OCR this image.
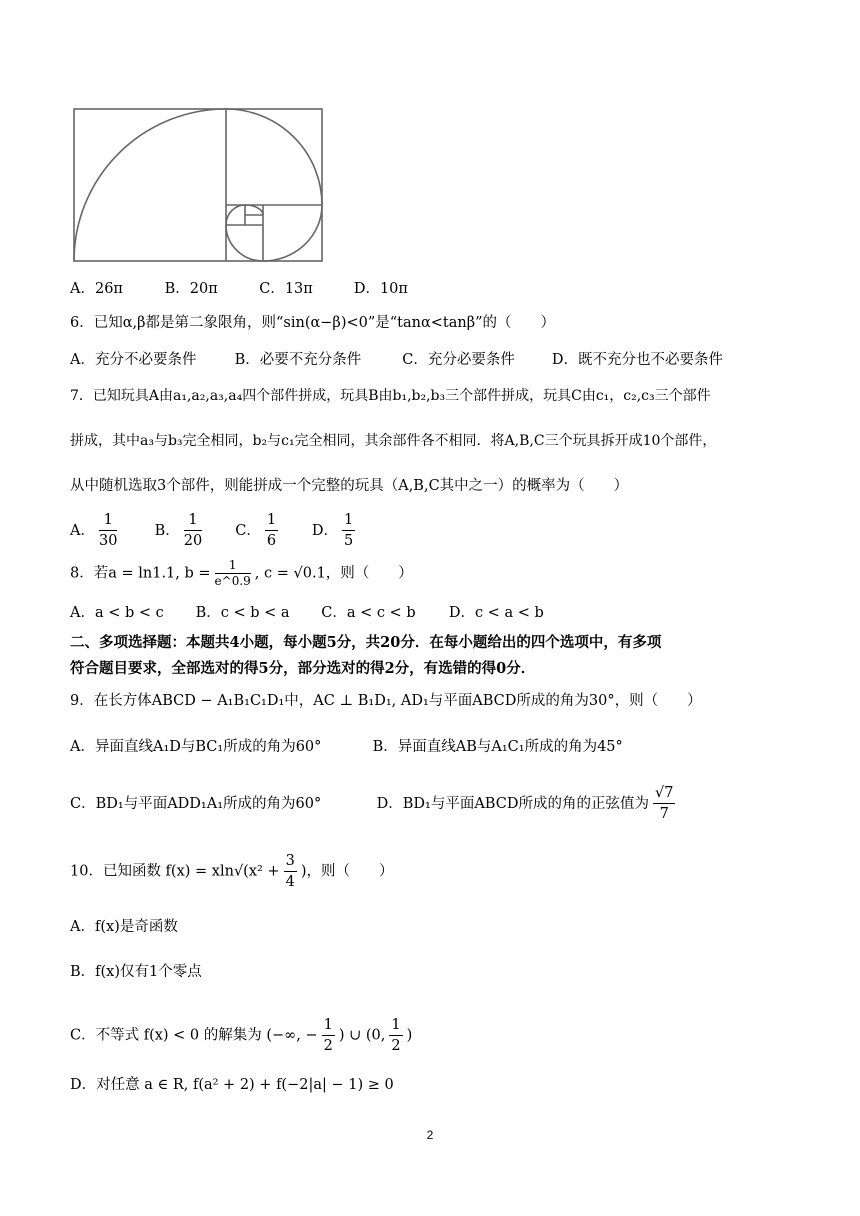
A．26π	B．20π	C．13π	D．10π
6．已知α,β都是第二象限角，则“sin(α−β)<0”是“tanα<tanβ”的（　　）
A．充分不必要条件	B．必要不充分条件	C．充分必要条件	D．既不充分也不必要条件
7．已知玩具A由a₁,a₂,a₃,a₄四个部件拼成，玩具B由b₁,b₂,b₃三个部件拼成，玩具C由c₁，c₂,c₃三个部件
拼成，其中a₃与b₃完全相同，b₂与c₁完全相同，其余部件各不相同．将A,B,C三个玩具拆开成10个部件，
从中随机选取3个部件，则能拼成一个完整的玩具（A,B,C其中之一）的概率为（　　）
A． $\frac{1}{30}$	B． $\frac{1}{20}$ C． $\frac{1}{6}$ D． $\frac{1}{5}$
8．若a = ln1.1, $b = \frac{1}{e\^{}0.9}$ , c = √0.1，则（　　）
A．a < b < c B．c < b < a C．a < c < b D．c < a < b
二、多项选择题：本题共4小题，每小题5分，共20分．在每小题给出的四个选项中，有多项
符合题目要求，全部选对的得5分，部分选对的得2分，有选错的得0分．
9．在长方体ABCD − A₁B₁C₁D₁中，AC ⊥ B₁D₁, AD₁与平面ABCD所成的角为30°，则（　　）
A．异面直线A₁D与BC₁所成的角为60°	B．异面直线AB与A₁C₁所成的角为45°
C．BD₁与平面ADD₁A₁所成的角为60°	D．BD₁与平面ABCD所成的角的正弦值为 $\frac{√7}{7}$
10．已知函数 $f(x) = xln√(x^2 + \frac{3}{4}$ )，则（　　）
A．f(x)是奇函数
B．f(x)仅有1个零点
C．不等式 f(x) < 0 的解集为 (−∞, − $\frac{1}{2}$ ) ∪ (0, $\frac{1}{2}$ )
D．对任意 a ∈ R, f(a² + 2) + f(−2|a| − 1) ≥ 0
2
